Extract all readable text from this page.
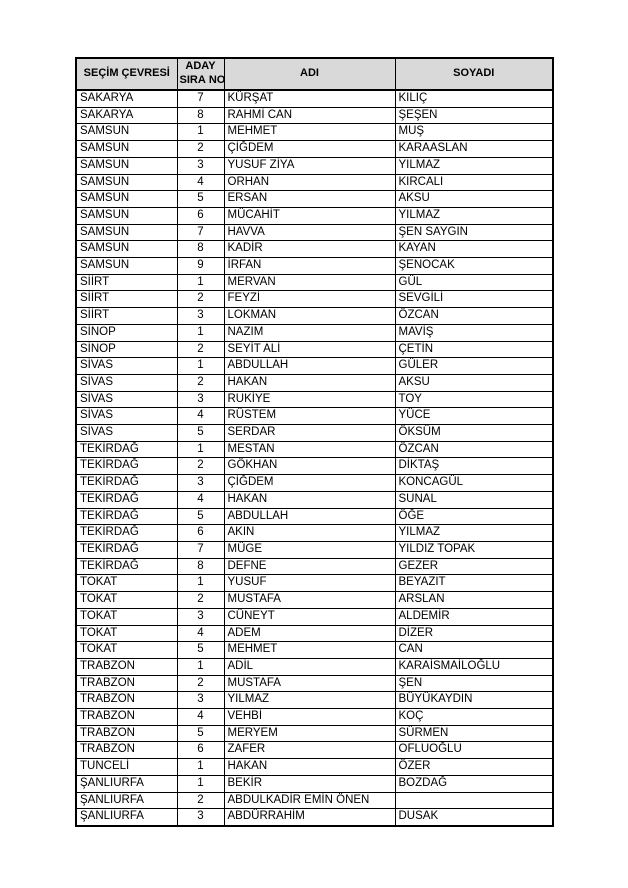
SEÇİM ÇEVRESİ	ADAY SIRA NO	ADI	SOYADI
SAKARYA	7	KÜRŞAT	KILIÇ
SAKARYA	8	RAHMİ CAN	ŞEŞEN
SAMSUN	1	MEHMET	MUŞ
SAMSUN	2	ÇİĞDEM	KARAASLAN
SAMSUN	3	YUSUF ZİYA	YILMAZ
SAMSUN	4	ORHAN	KIRCALI
SAMSUN	5	ERSAN	AKSU
SAMSUN	6	MÜCAHİT	YILMAZ
SAMSUN	7	HAVVA	ŞEN SAYGIN
SAMSUN	8	KADİR	KAYAN
SAMSUN	9	İRFAN	ŞENOCAK
SİİRT	1	MERVAN	GÜL
SİİRT	2	FEYZİ	SEVGİLİ
SİİRT	3	LOKMAN	ÖZCAN
SİNOP	1	NAZIM	MAVİŞ
SİNOP	2	SEYİT ALİ	ÇETİN
SİVAS	1	ABDULLAH	GÜLER
SİVAS	2	HAKAN	AKSU
SİVAS	3	RUKİYE	TOY
SİVAS	4	RÜSTEM	YÜCE
SİVAS	5	SERDAR	ÖKSÜM
TEKİRDAĞ	1	MESTAN	ÖZCAN
TEKİRDAĞ	2	GÖKHAN	DİKTAŞ
TEKİRDAĞ	3	ÇİĞDEM	KONCAGÜL
TEKİRDAĞ	4	HAKAN	SUNAL
TEKİRDAĞ	5	ABDULLAH	ÖĞE
TEKİRDAĞ	6	AKIN	YILMAZ
TEKİRDAĞ	7	MÜGE	YILDIZ TOPAK
TEKİRDAĞ	8	DEFNE	GEZER
TOKAT	1	YUSUF	BEYAZIT
TOKAT	2	MUSTAFA	ARSLAN
TOKAT	3	CÜNEYT	ALDEMİR
TOKAT	4	ADEM	DİZER
TOKAT	5	MEHMET	CAN
TRABZON	1	ADİL	KARAİSMAİLOĞLU
TRABZON	2	MUSTAFA	ŞEN
TRABZON	3	YILMAZ	BÜYÜKAYDIN
TRABZON	4	VEHBİ	KOÇ
TRABZON	5	MERYEM	SÜRMEN
TRABZON	6	ZAFER	OFLUOĞLU
TUNCELİ	1	HAKAN	ÖZER
ŞANLIURFA	1	BEKİR	BOZDAĞ
ŞANLIURFA	2	ABDULKADİR EMİN ÖNEN	
ŞANLIURFA	3	ABDÜRRAHİM	DUSAK
